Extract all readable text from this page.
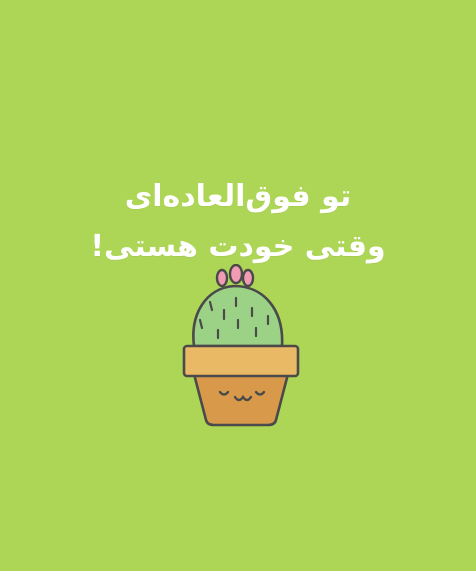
تو فوق‌العاده‌ای
وقتی خودت هستی!
